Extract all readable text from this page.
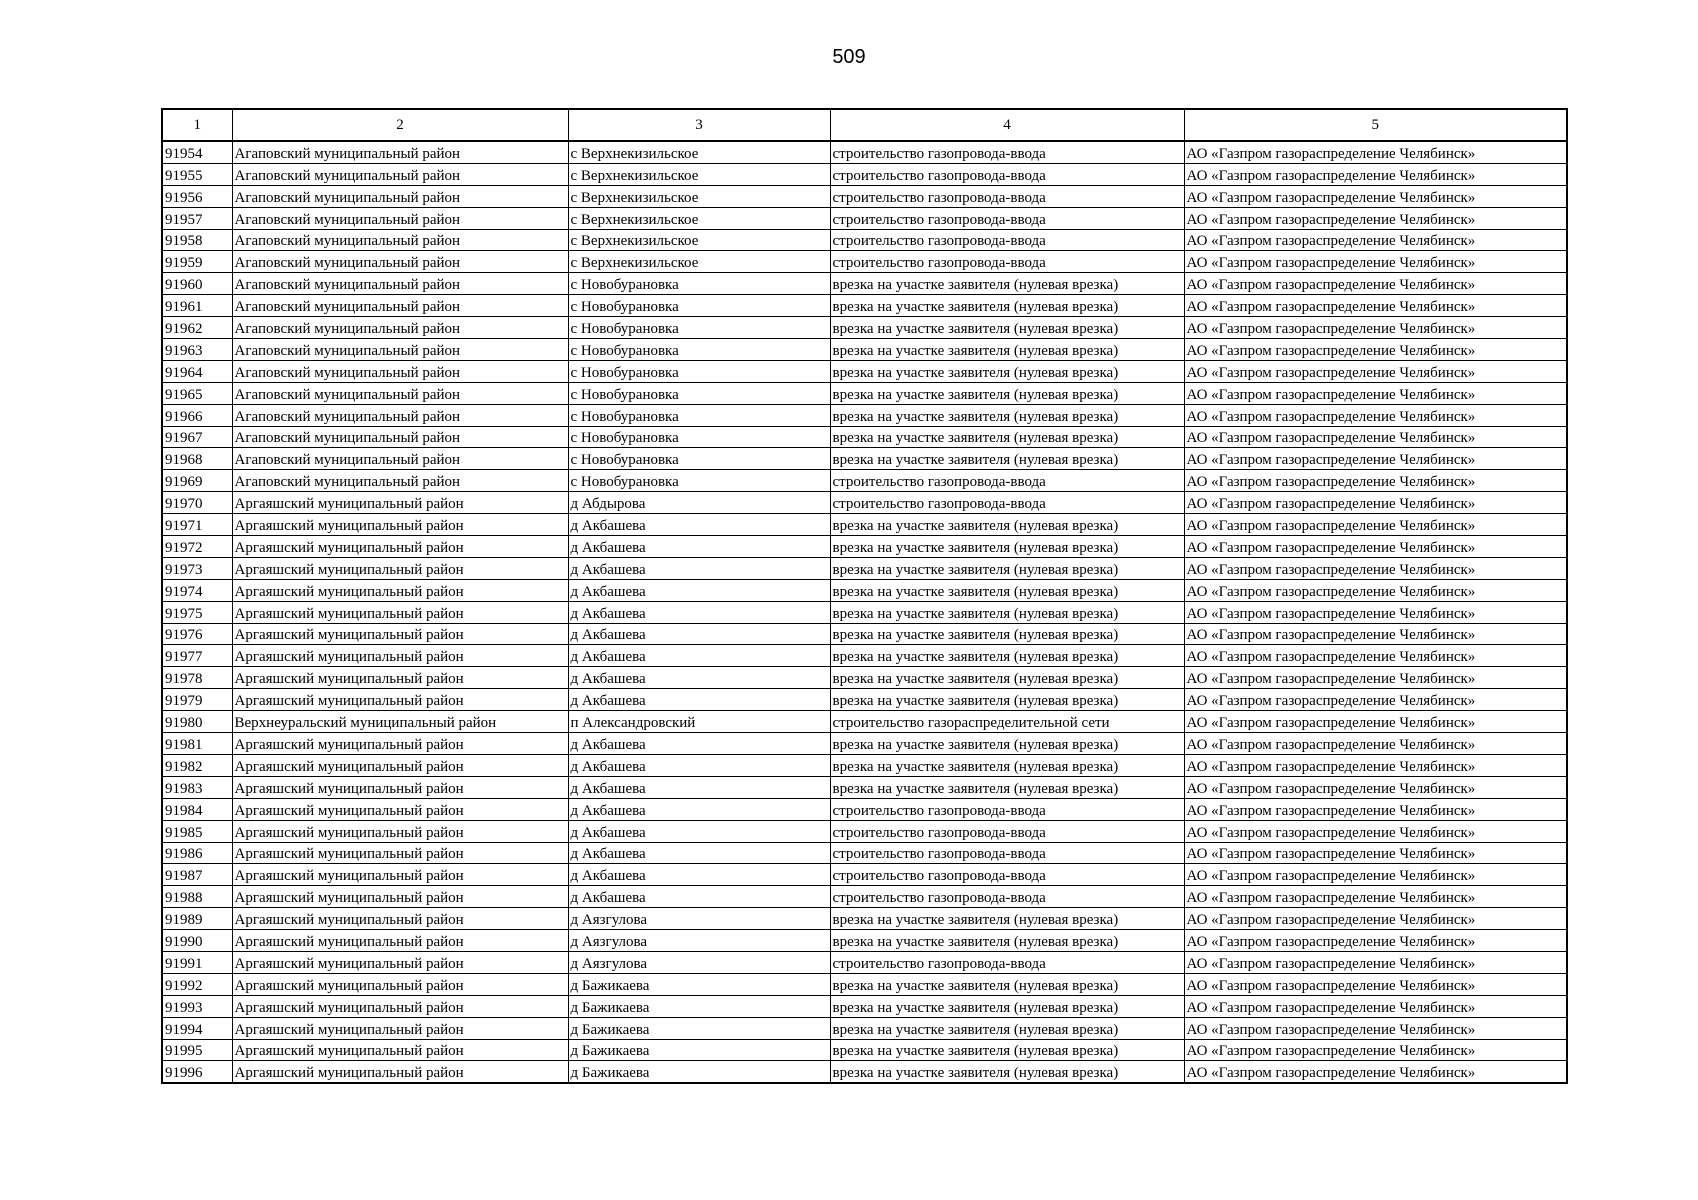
509
1	2	3	4	5
91954	Агаповский муниципальный район	с Верхнекизильское	строительство газопровода-ввода	АО «Газпром газораспределение Челябинск»
91955	Агаповский муниципальный район	с Верхнекизильское	строительство газопровода-ввода	АО «Газпром газораспределение Челябинск»
91956	Агаповский муниципальный район	с Верхнекизильское	строительство газопровода-ввода	АО «Газпром газораспределение Челябинск»
91957	Агаповский муниципальный район	с Верхнекизильское	строительство газопровода-ввода	АО «Газпром газораспределение Челябинск»
91958	Агаповский муниципальный район	с Верхнекизильское	строительство газопровода-ввода	АО «Газпром газораспределение Челябинск»
91959	Агаповский муниципальный район	с Верхнекизильское	строительство газопровода-ввода	АО «Газпром газораспределение Челябинск»
91960	Агаповский муниципальный район	с Новобурановка	врезка на участке заявителя (нулевая врезка)	АО «Газпром газораспределение Челябинск»
91961	Агаповский муниципальный район	с Новобурановка	врезка на участке заявителя (нулевая врезка)	АО «Газпром газораспределение Челябинск»
91962	Агаповский муниципальный район	с Новобурановка	врезка на участке заявителя (нулевая врезка)	АО «Газпром газораспределение Челябинск»
91963	Агаповский муниципальный район	с Новобурановка	врезка на участке заявителя (нулевая врезка)	АО «Газпром газораспределение Челябинск»
91964	Агаповский муниципальный район	с Новобурановка	врезка на участке заявителя (нулевая врезка)	АО «Газпром газораспределение Челябинск»
91965	Агаповский муниципальный район	с Новобурановка	врезка на участке заявителя (нулевая врезка)	АО «Газпром газораспределение Челябинск»
91966	Агаповский муниципальный район	с Новобурановка	врезка на участке заявителя (нулевая врезка)	АО «Газпром газораспределение Челябинск»
91967	Агаповский муниципальный район	с Новобурановка	врезка на участке заявителя (нулевая врезка)	АО «Газпром газораспределение Челябинск»
91968	Агаповский муниципальный район	с Новобурановка	врезка на участке заявителя (нулевая врезка)	АО «Газпром газораспределение Челябинск»
91969	Агаповский муниципальный район	с Новобурановка	строительство газопровода-ввода	АО «Газпром газораспределение Челябинск»
91970	Аргаяшский муниципальный район	д Абдырова	строительство газопровода-ввода	АО «Газпром газораспределение Челябинск»
91971	Аргаяшский муниципальный район	д Акбашева	врезка на участке заявителя (нулевая врезка)	АО «Газпром газораспределение Челябинск»
91972	Аргаяшский муниципальный район	д Акбашева	врезка на участке заявителя (нулевая врезка)	АО «Газпром газораспределение Челябинск»
91973	Аргаяшский муниципальный район	д Акбашева	врезка на участке заявителя (нулевая врезка)	АО «Газпром газораспределение Челябинск»
91974	Аргаяшский муниципальный район	д Акбашева	врезка на участке заявителя (нулевая врезка)	АО «Газпром газораспределение Челябинск»
91975	Аргаяшский муниципальный район	д Акбашева	врезка на участке заявителя (нулевая врезка)	АО «Газпром газораспределение Челябинск»
91976	Аргаяшский муниципальный район	д Акбашева	врезка на участке заявителя (нулевая врезка)	АО «Газпром газораспределение Челябинск»
91977	Аргаяшский муниципальный район	д Акбашева	врезка на участке заявителя (нулевая врезка)	АО «Газпром газораспределение Челябинск»
91978	Аргаяшский муниципальный район	д Акбашева	врезка на участке заявителя (нулевая врезка)	АО «Газпром газораспределение Челябинск»
91979	Аргаяшский муниципальный район	д Акбашева	врезка на участке заявителя (нулевая врезка)	АО «Газпром газораспределение Челябинск»
91980	Верхнеуральский муниципальный район	п Александровский	строительство газораспределительной сети	АО «Газпром газораспределение Челябинск»
91981	Аргаяшский муниципальный район	д Акбашева	врезка на участке заявителя (нулевая врезка)	АО «Газпром газораспределение Челябинск»
91982	Аргаяшский муниципальный район	д Акбашева	врезка на участке заявителя (нулевая врезка)	АО «Газпром газораспределение Челябинск»
91983	Аргаяшский муниципальный район	д Акбашева	врезка на участке заявителя (нулевая врезка)	АО «Газпром газораспределение Челябинск»
91984	Аргаяшский муниципальный район	д Акбашева	строительство газопровода-ввода	АО «Газпром газораспределение Челябинск»
91985	Аргаяшский муниципальный район	д Акбашева	строительство газопровода-ввода	АО «Газпром газораспределение Челябинск»
91986	Аргаяшский муниципальный район	д Акбашева	строительство газопровода-ввода	АО «Газпром газораспределение Челябинск»
91987	Аргаяшский муниципальный район	д Акбашева	строительство газопровода-ввода	АО «Газпром газораспределение Челябинск»
91988	Аргаяшский муниципальный район	д Акбашева	строительство газопровода-ввода	АО «Газпром газораспределение Челябинск»
91989	Аргаяшский муниципальный район	д Аязгулова	врезка на участке заявителя (нулевая врезка)	АО «Газпром газораспределение Челябинск»
91990	Аргаяшский муниципальный район	д Аязгулова	врезка на участке заявителя (нулевая врезка)	АО «Газпром газораспределение Челябинск»
91991	Аргаяшский муниципальный район	д Аязгулова	строительство газопровода-ввода	АО «Газпром газораспределение Челябинск»
91992	Аргаяшский муниципальный район	д Бажикаева	врезка на участке заявителя (нулевая врезка)	АО «Газпром газораспределение Челябинск»
91993	Аргаяшский муниципальный район	д Бажикаева	врезка на участке заявителя (нулевая врезка)	АО «Газпром газораспределение Челябинск»
91994	Аргаяшский муниципальный район	д Бажикаева	врезка на участке заявителя (нулевая врезка)	АО «Газпром газораспределение Челябинск»
91995	Аргаяшский муниципальный район	д Бажикаева	врезка на участке заявителя (нулевая врезка)	АО «Газпром газораспределение Челябинск»
91996	Аргаяшский муниципальный район	д Бажикаева	врезка на участке заявителя (нулевая врезка)	АО «Газпром газораспределение Челябинск»
